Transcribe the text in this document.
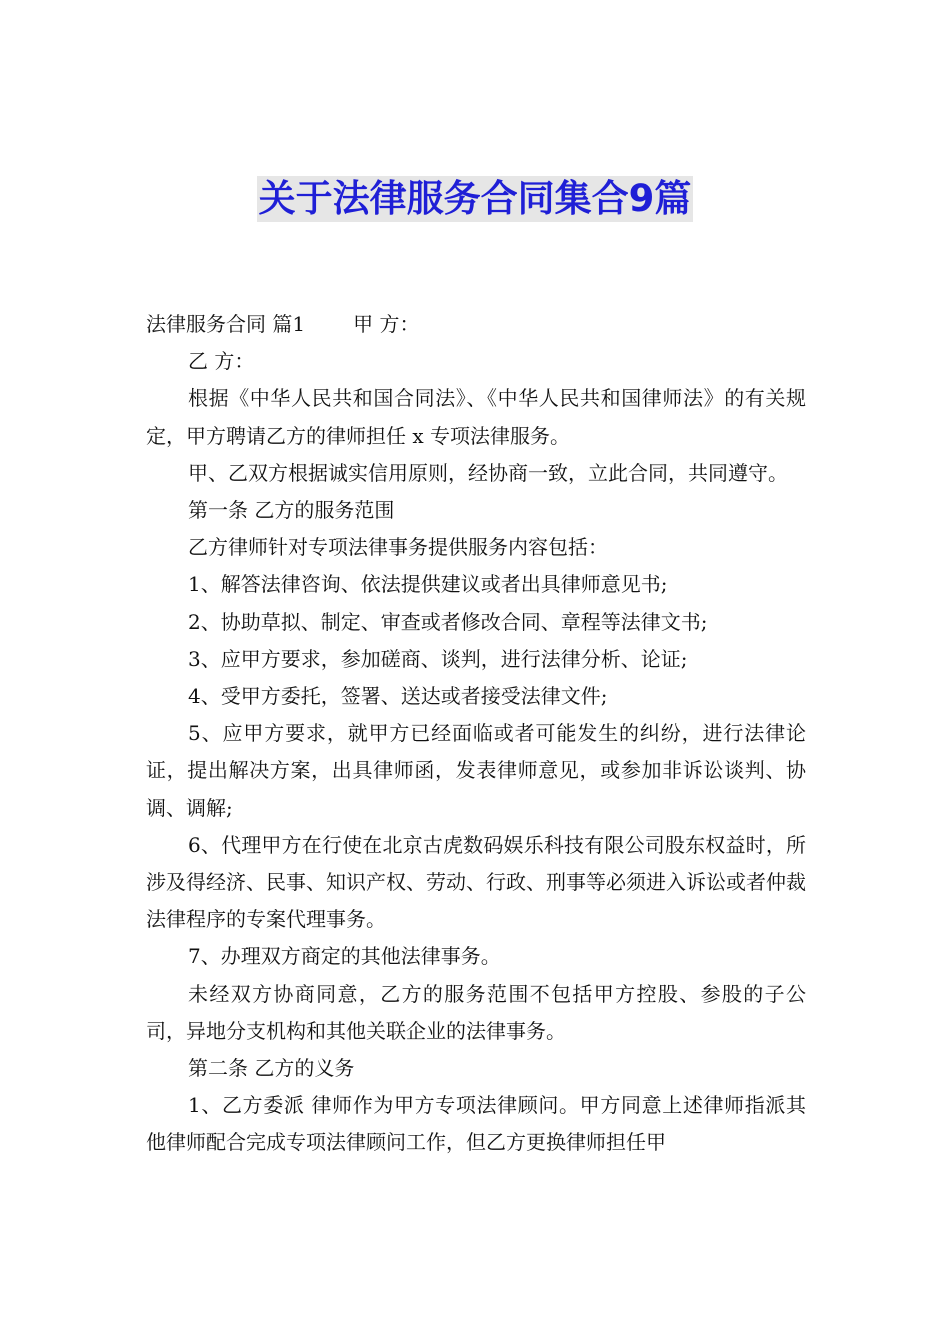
关于法律服务合同集合9篇

法律服务合同 篇1 甲 方：

乙 方：

根据《中华人民共和国合同法》、《中华人民共和国律师法》的有关规定，甲方聘请乙方的律师担任 x 专项法律服务。

甲、乙双方根据诚实信用原则，经协商一致，立此合同，共同遵守。

第一条 乙方的服务范围

乙方律师针对专项法律事务提供服务内容包括：

1、解答法律咨询、依法提供建议或者出具律师意见书;

2、协助草拟、制定、审查或者修改合同、章程等法律文书;

3、应甲方要求，参加磋商、谈判，进行法律分析、论证;

4、受甲方委托，签署、送达或者接受法律文件;

5、应甲方要求，就甲方已经面临或者可能发生的纠纷，进行法律论证，提出解决方案，出具律师函，发表律师意见，或参加非诉讼谈判、协调、调解;

6、代理甲方在行使在北京古虎数码娱乐科技有限公司股东权益时，所涉及得经济、民事、知识产权、劳动、行政、刑事等必须进入诉讼或者仲裁法律程序的专案代理事务。

7、办理双方商定的其他法律事务。

未经双方协商同意，乙方的服务范围不包括甲方控股、参股的子公司，异地分支机构和其他关联企业的法律事务。

第二条 乙方的义务

1、乙方委派 律师作为甲方专项法律顾问。甲方同意上述律师指派其他律师配合完成专项法律顾问工作，但乙方更换律师担任甲
